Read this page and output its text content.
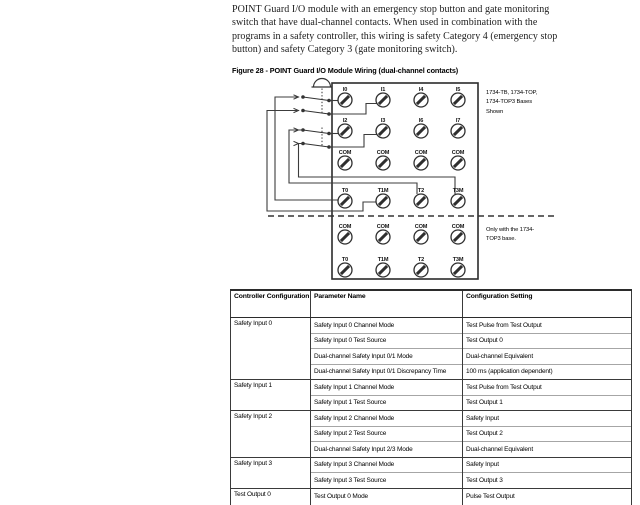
POINT Guard I/O module with an emergency stop button and gate monitoring
switch that have dual-channel contacts. When used in combination with the
programs in a safety controller, this wiring is safety Category 4 (emergency stop
button) and safety Category 3 (gate monitoring switch).
Figure 28 - POINT Guard I/O Module Wiring (dual-channel contacts)
I0	I1	I4	I5
I2	I3	I6	I7
COM	COM	COM	COM
T0	T1M	T2	T3M
COM	COM	COM	COM
T0	T1M	T2	T3M
1734-TB, 1734-TOP,
1734-TOP3 Bases
Shown
Only with the 1734-
TOP3 base.
Controller Configuration	Parameter Name	Configuration Setting
Safety Input 0	Safety Input 0 Channel Mode	Test Pulse from Test Output
	Safety Input 0 Test Source	Test Output 0
	Dual-channel Safety Input 0/1 Mode	Dual-channel Equivalent
	Dual-channel Safety Input 0/1 Discrepancy Time	100 ms (application dependent)
Safety Input 1	Safety Input 1 Channel Mode	Test Pulse from Test Output
	Safety Input 1 Test Source	Test Output 1
Safety Input 2	Safety Input 2 Channel Mode	Safety Input
	Safety Input 2 Test Source	Test Output 2
	Dual-channel Safety Input 2/3 Mode	Dual-channel Equivalent
Safety Input 3	Safety Input 3 Channel Mode	Safety Input
	Safety Input 3 Test Source	Test Output 3
Test Output 0	Test Output 0 Mode	Pulse Test Output
